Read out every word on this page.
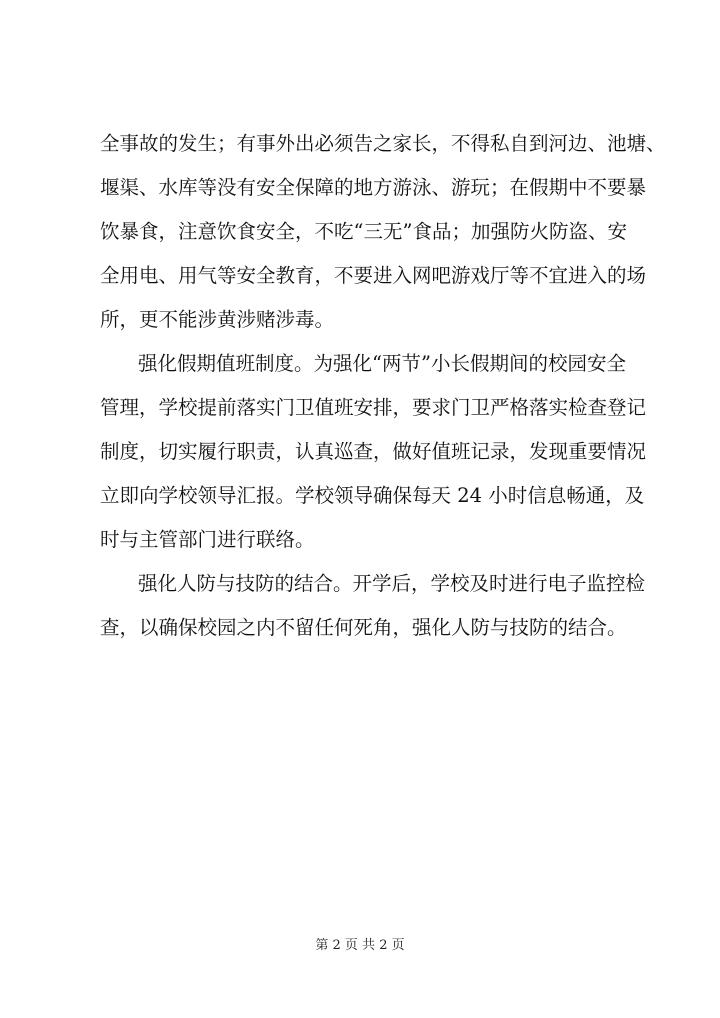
全事故的发生；有事外出必须告之家长，不得私自到河边、池塘、
堰渠、水库等没有安全保障的地方游泳、游玩；在假期中不要暴
饮暴食，注意饮食安全，不吃“三无”食品；加强防火防盗、安
全用电、用气等安全教育，不要进入网吧游戏厅等不宜进入的场
所，更不能涉黄涉赌涉毒。
强化假期值班制度。为强化“两节”小长假期间的校园安全
管理，学校提前落实门卫值班安排，要求门卫严格落实检查登记
制度，切实履行职责，认真巡查，做好值班记录，发现重要情况
立即向学校领导汇报。学校领导确保每天 24 小时信息畅通，及
时与主管部门进行联络。
强化人防与技防的结合。开学后，学校及时进行电子监控检
查，以确保校园之内不留任何死角，强化人防与技防的结合。
第 2 页 共 2 页
